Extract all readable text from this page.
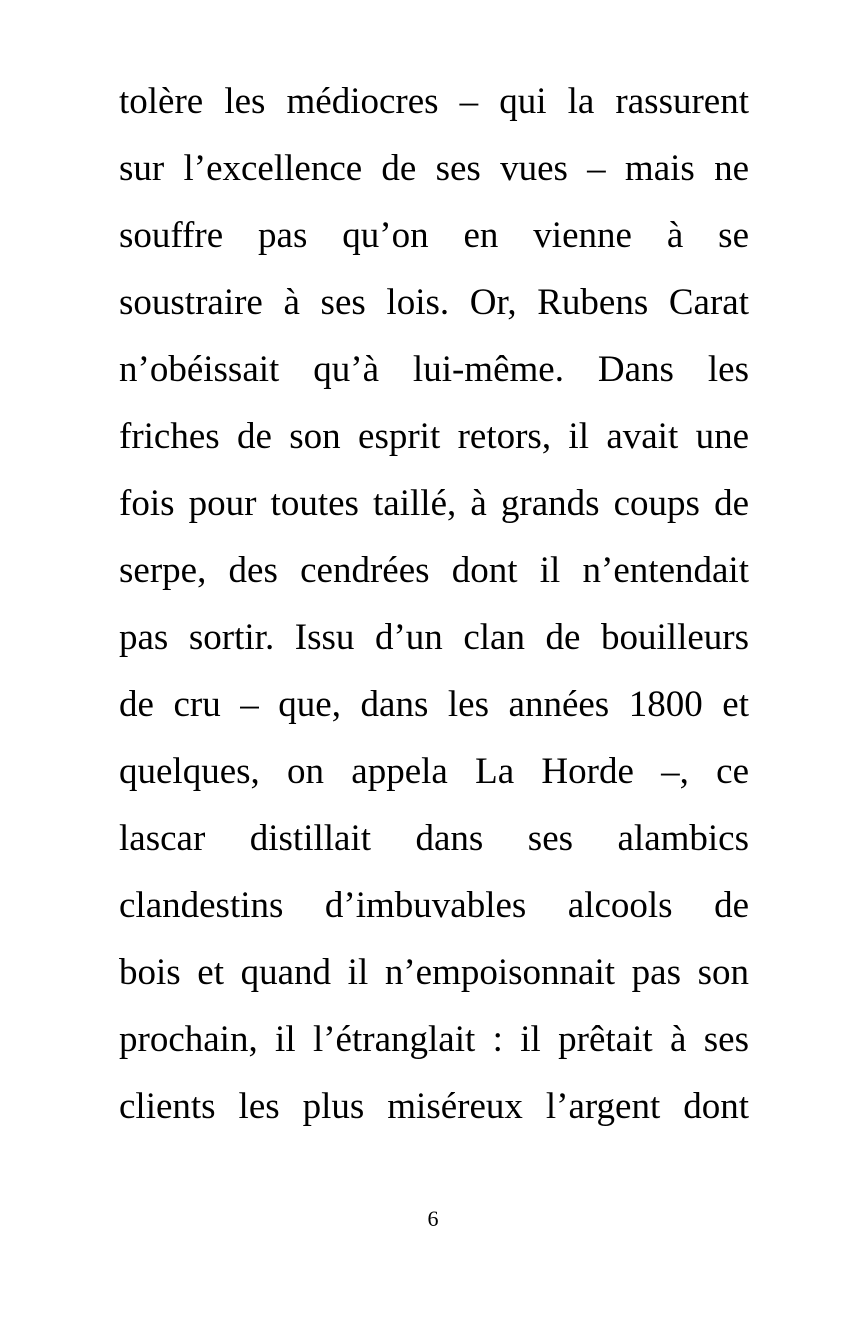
tolère les médiocres – qui la rassurent
sur l’excellence de ses vues – mais ne
souffre pas qu’on en vienne à se
soustraire à ses lois. Or, Rubens Carat
n’obéissait qu’à lui-même. Dans les
friches de son esprit retors, il avait une
fois pour toutes taillé, à grands coups de
serpe, des cendrées dont il n’entendait
pas sortir. Issu d’un clan de bouilleurs
de cru – que, dans les années 1800 et
quelques, on appela La Horde –, ce
lascar distillait dans ses alambics
clandestins d’imbuvables alcools de
bois et quand il n’empoisonnait pas son
prochain, il l’étranglait : il prêtait à ses
clients les plus miséreux l’argent dont
6
